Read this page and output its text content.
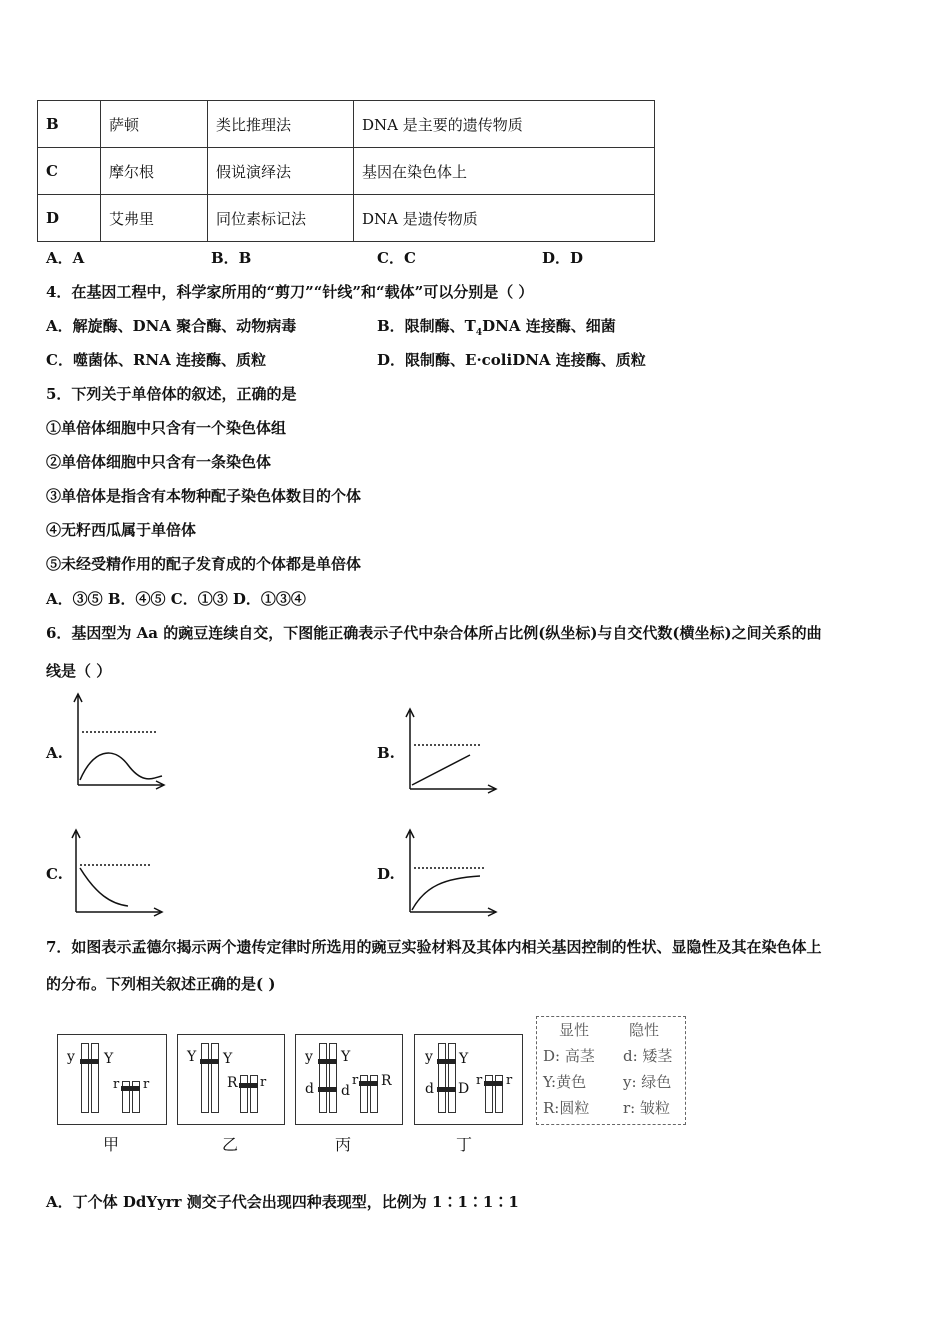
B	萨顿	类比推理法	DNA 是主要的遗传物质
C	摩尔根	假说演绎法	基因在染色体上
D	艾弗里	同位素标记法	DNA 是遗传物质
A．A	B．B	C．C	D．D
4．在基因工程中，科学家所用的“剪刀”“针线”和“载体”可以分别是（ ）
A．解旋酶、DNA 聚合酶、动物病毒	B．限制酶、$T_4DNA$ 连接酶、细菌
C．噬菌体、RNA 连接酶、质粒	D．限制酶、E·coliDNA 连接酶、质粒
5．下列关于单倍体的叙述，正确的是
①单倍体细胞中只含有一个染色体组
②单倍体细胞中只含有一条染色体
③单倍体是指含有本物种配子染色体数目的个体
④无籽西瓜属于单倍体
⑤未经受精作用的配子发育成的个体都是单倍体
A．③⑤ B．④⑤ C．①③ D．①③④
6．基因型为 Aa 的豌豆连续自交，下图能正确表示子代中杂合体所占比例(纵坐标)与自交代数(横坐标)之间关系的曲
线是（ ）
A.	B.
C.	D.
7．如图表示孟德尔揭示两个遗传定律时所选用的豌豆实验材料及其体内相关基因控制的性状、显隐性及其在染色体上
的分布。下列相关叙述正确的是( )
y Y
r r
甲
Y Y
R r
乙
y Y
d d
r R
丙
y Y
d D
r r
丁
显性	隐性
D: 高茎 d: 矮茎
Y:黄色 y: 绿色
R:圆粒 r: 皱粒
A．丁个体 DdYyrr 测交子代会出现四种表现型，比例为 1∶1∶1∶1
